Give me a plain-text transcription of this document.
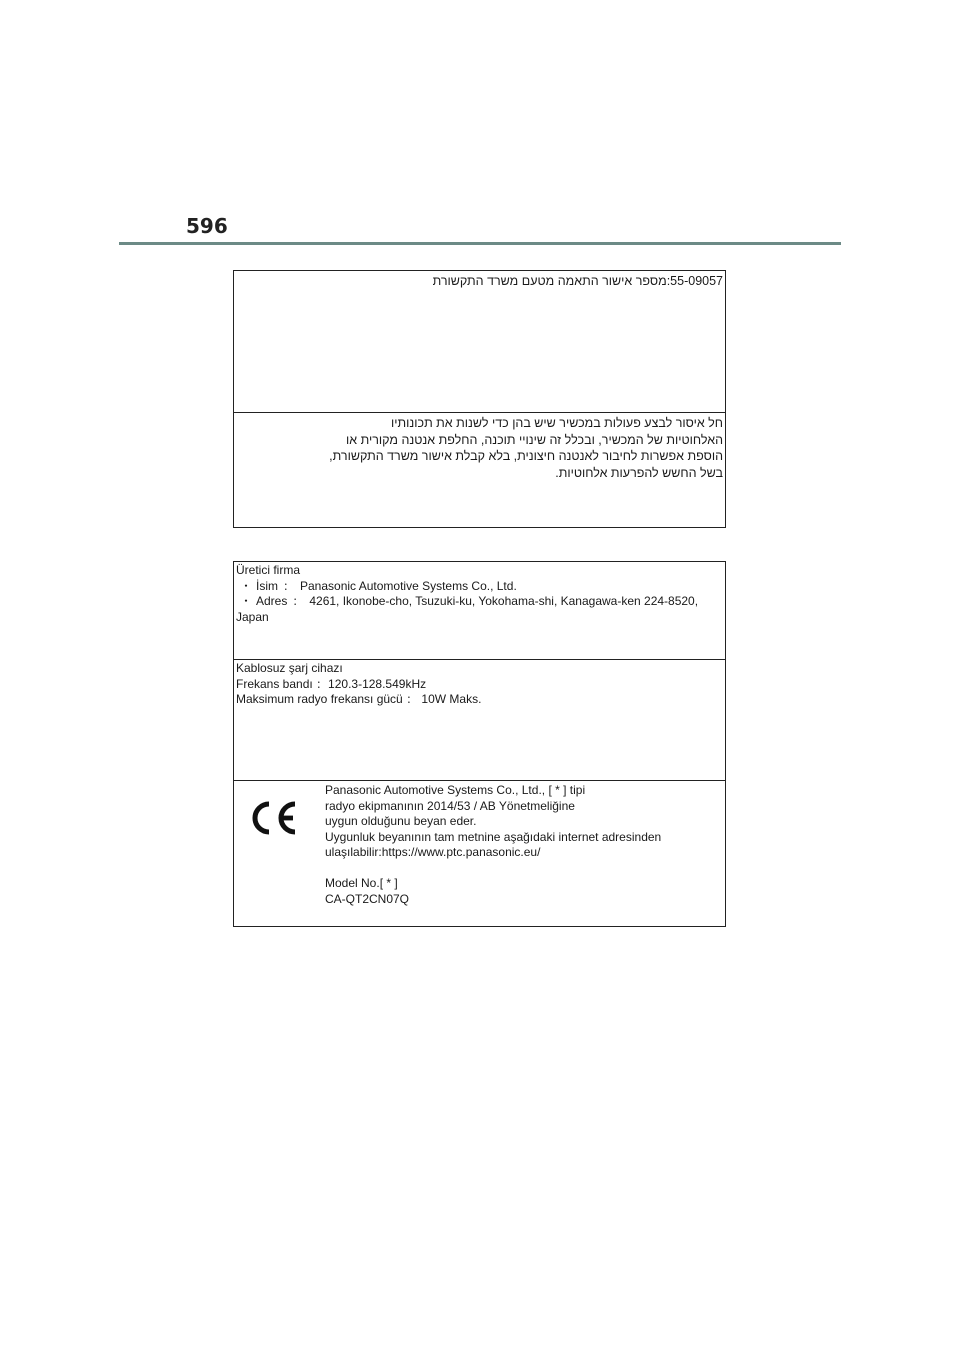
596
55-09057:מספר אישור התאמה מטעם משרד התקשורת
חל איסור לבצע פעולות במכשיר שיש בהן כדי לשנות את תכונותיו
האלחוטיות של המכשיר, ובכלל זה שינויי תוכנה, החלפת אנטנה מקורית או
הוספת אפשרות לחיבור לאנטנה חיצונית, בלא קבלת אישור משרד התקשורת,
בשל החשש להפרעות אלחוטיות.
Üretici firma
・ İsim ： Panasonic Automotive Systems Co., Ltd.
・ Adres ： 4261, Ikonobe-cho, Tsuzuki-ku, Yokohama-shi, Kanagawa-ken 224-8520,
Japan
Kablosuz şarj cihazı
Frekans bandı ：120.3-128.549kHz
Maksimum radyo frekansı gücü ： 10W Maks.
Panasonic Automotive Systems Co., Ltd., [ * ] tipi
radyo ekipmanının 2014/53 / AB Yönetmeliğine
uygun olduğunu beyan eder.
Uygunluk beyanının tam metnine aşağıdaki internet adresinden
ulaşılabilir:https://www.ptc.panasonic.eu/
Model No.[ * ]
CA-QT2CN07Q
